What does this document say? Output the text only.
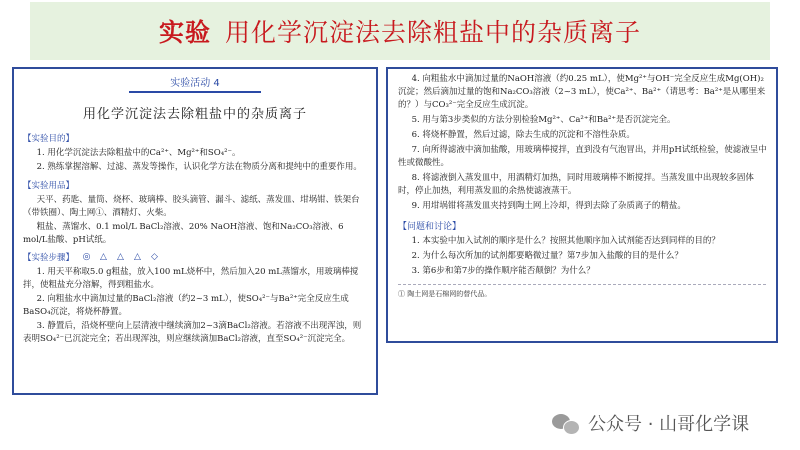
实验 用化学沉淀法去除粗盐中的杂质离子
实验活动 4
用化学沉淀法去除粗盐中的杂质离子
【实验目的】
1. 用化学沉淀法去除粗盐中的Ca²⁺、Mg²⁺和SO₄²⁻。
2. 熟练掌握溶解、过滤、蒸发等操作，认识化学方法在物质分离和提纯中的重要作用。
【实验用品】
天平、药匙、量筒、烧杯、玻璃棒、胶头滴管、漏斗、滤纸、蒸发皿、坩埚钳、铁架台（带铁圈）、陶土网①、酒精灯、火柴。
粗盐、蒸馏水、0.1 mol/L BaCl₂溶液、20% NaOH溶液、饱和Na₂CO₃溶液、6 mol/L盐酸、pH试纸。
【实验步骤】 ◎	△	△	△	◇
1. 用天平称取5.0 g粗盐，放入100 mL烧杯中，然后加入20 mL蒸馏水，用玻璃棒搅拌，使粗盐充分溶解，得到粗盐水。
2. 向粗盐水中滴加过量的BaCl₂溶液（约2~3 mL），使SO₄²⁻与Ba²⁺完全反应生成BaSO₄沉淀，将烧杯静置。
3. 静置后，沿烧杯壁向上层清液中继续滴加2~3滴BaCl₂溶液。若溶液不出现浑浊，则表明SO₄²⁻已沉淀完全；若出现浑浊，则应继续滴加BaCl₂溶液，直至SO₄²⁻沉淀完全。
4. 向粗盐水中滴加过量的NaOH溶液（约0.25 mL），使Mg²⁺与OH⁻完全反应生成Mg(OH)₂沉淀；然后滴加过量的饱和Na₂CO₃溶液（2~3 mL），使Ca²⁺、Ba²⁺（请思考：Ba²⁺是从哪里来的？）与CO₃²⁻完全反应生成沉淀。
5. 用与第3步类似的方法分别检验Mg²⁺、Ca²⁺和Ba²⁺是否沉淀完全。
6. 将烧杯静置，然后过滤，除去生成的沉淀和不溶性杂质。
7. 向所得滤液中滴加盐酸，用玻璃棒搅拌，直到没有气泡冒出，并用pH试纸检验，使滤液呈中性或微酸性。
8. 将滤液倒入蒸发皿中，用酒精灯加热，同时用玻璃棒不断搅拌。当蒸发皿中出现较多固体时，停止加热，利用蒸发皿的余热使滤液蒸干。
9. 用坩埚钳将蒸发皿夹持到陶土网上冷却，得到去除了杂质离子的精盐。
【问题和讨论】
1. 本实验中加入试剂的顺序是什么？按照其他顺序加入试剂能否达到同样的目的？
2. 为什么每次所加的试剂都要略微过量？第7步加入盐酸的目的是什么？
3. 第6步和第7步的操作顺序能否颠倒？为什么？
① 陶土网是石棉网的替代品。
公众号 · 山哥化学课
